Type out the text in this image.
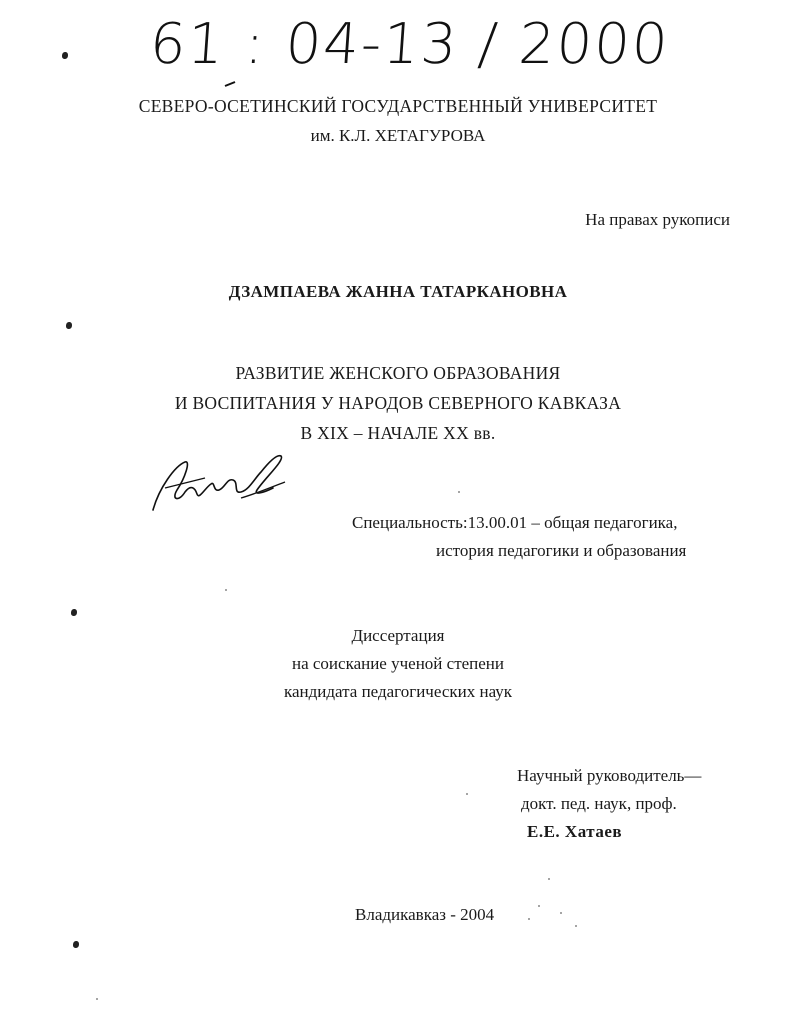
61 : 04-13 / 2000
СЕВЕРО-ОСЕТИНСКИЙ ГОСУДАРСТВЕННЫЙ УНИВЕРСИТЕТ
им. К.Л. ХЕТАГУРОВА
На правах рукописи
ДЗАМПАЕВА ЖАННА ТАТАРКАНОВНА
РАЗВИТИЕ ЖЕНСКОГО ОБРАЗОВАНИЯ
И ВОСПИТАНИЯ У НАРОДОВ СЕВЕРНОГО КАВКАЗА
В XIX – НАЧАЛЕ XX вв.
Специальность:13.00.01 – общая педагогика,
история педагогики и образования
Диссертация
на соискание ученой степени
кандидата педагогических наук
Научный руководитель—
докт. пед. наук, проф.
Е.Е. Хатаев
Владикавказ - 2004
